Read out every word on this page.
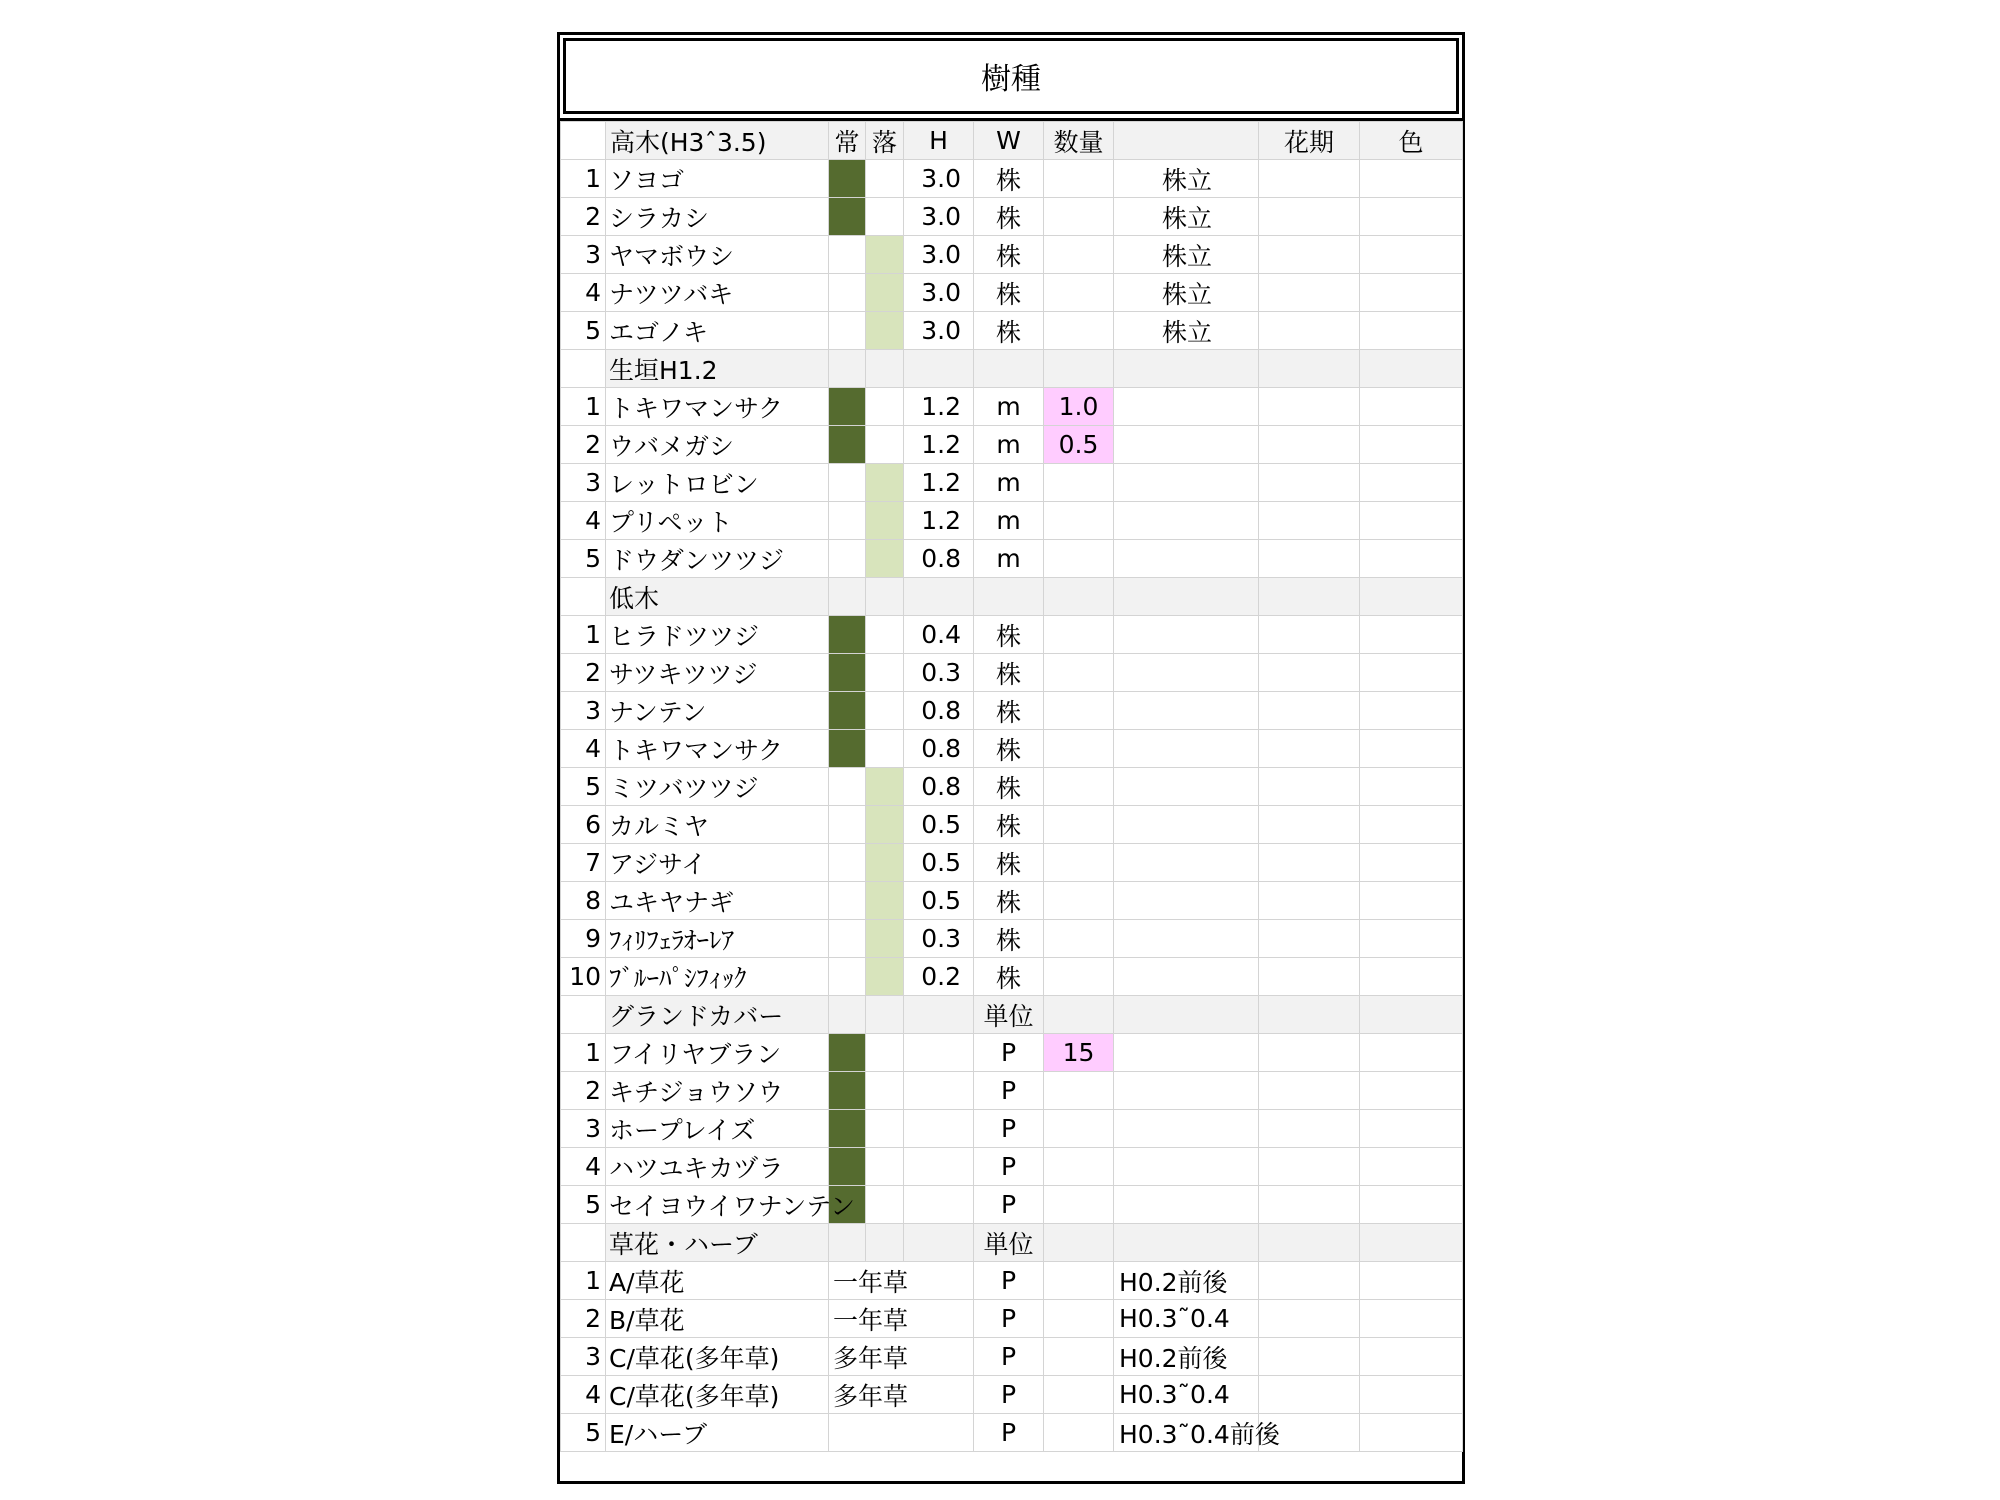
樹種
	高木(H3ˆ3.5)	常	落	H	W	数量		花期	色
1	ソヨゴ			3.0	株		株立		
2	シラカシ			3.0	株		株立		
3	ヤマボウシ			3.0	株		株立		
4	ナツツバキ			3.0	株		株立		
5	エゴノキ			3.0	株		株立		
	生垣H1.2								
1	トキワマンサク			1.2	m	1.0			
2	ウバメガシ			1.2	m	0.5			
3	レットロビン			1.2	m				
4	プリペット			1.2	m				
5	ドウダンツツジ			0.8	m				
	低木								
1	ヒラドツツジ			0.4	株				
2	サツキツツジ			0.3	株				
3	ナンテン			0.8	株				
4	トキワマンサク			0.8	株				
5	ミツバツツジ			0.8	株				
6	カルミヤ			0.5	株				
7	アジサイ			0.5	株				
8	ユキヤナギ			0.5	株				
9	ﾌｨﾘﾌｪﾗｵｰﾚｱ			0.3	株				
10	ﾌﾞﾙｰﾊﾟｼﾌｨｯｸ			0.2	株				
	グランドカバー				単位				
1	フイリヤブラン				P	15			
2	キチジョウソウ				P				
3	ホープレイズ				P				
4	ハツユキカヅラ				P				
5	セイヨウイワナンテン				P				
	草花・ハーブ				単位				
1	A/草花	一年草			P		H0.2前後		
2	B/草花	一年草			P		H0.3˜0.4		
3	C/草花(多年草)	多年草			P		H0.2前後		
4	C/草花(多年草)	多年草			P		H0.3˜0.4		
5	E/ハーブ				P		H0.3˜0.4前後		
